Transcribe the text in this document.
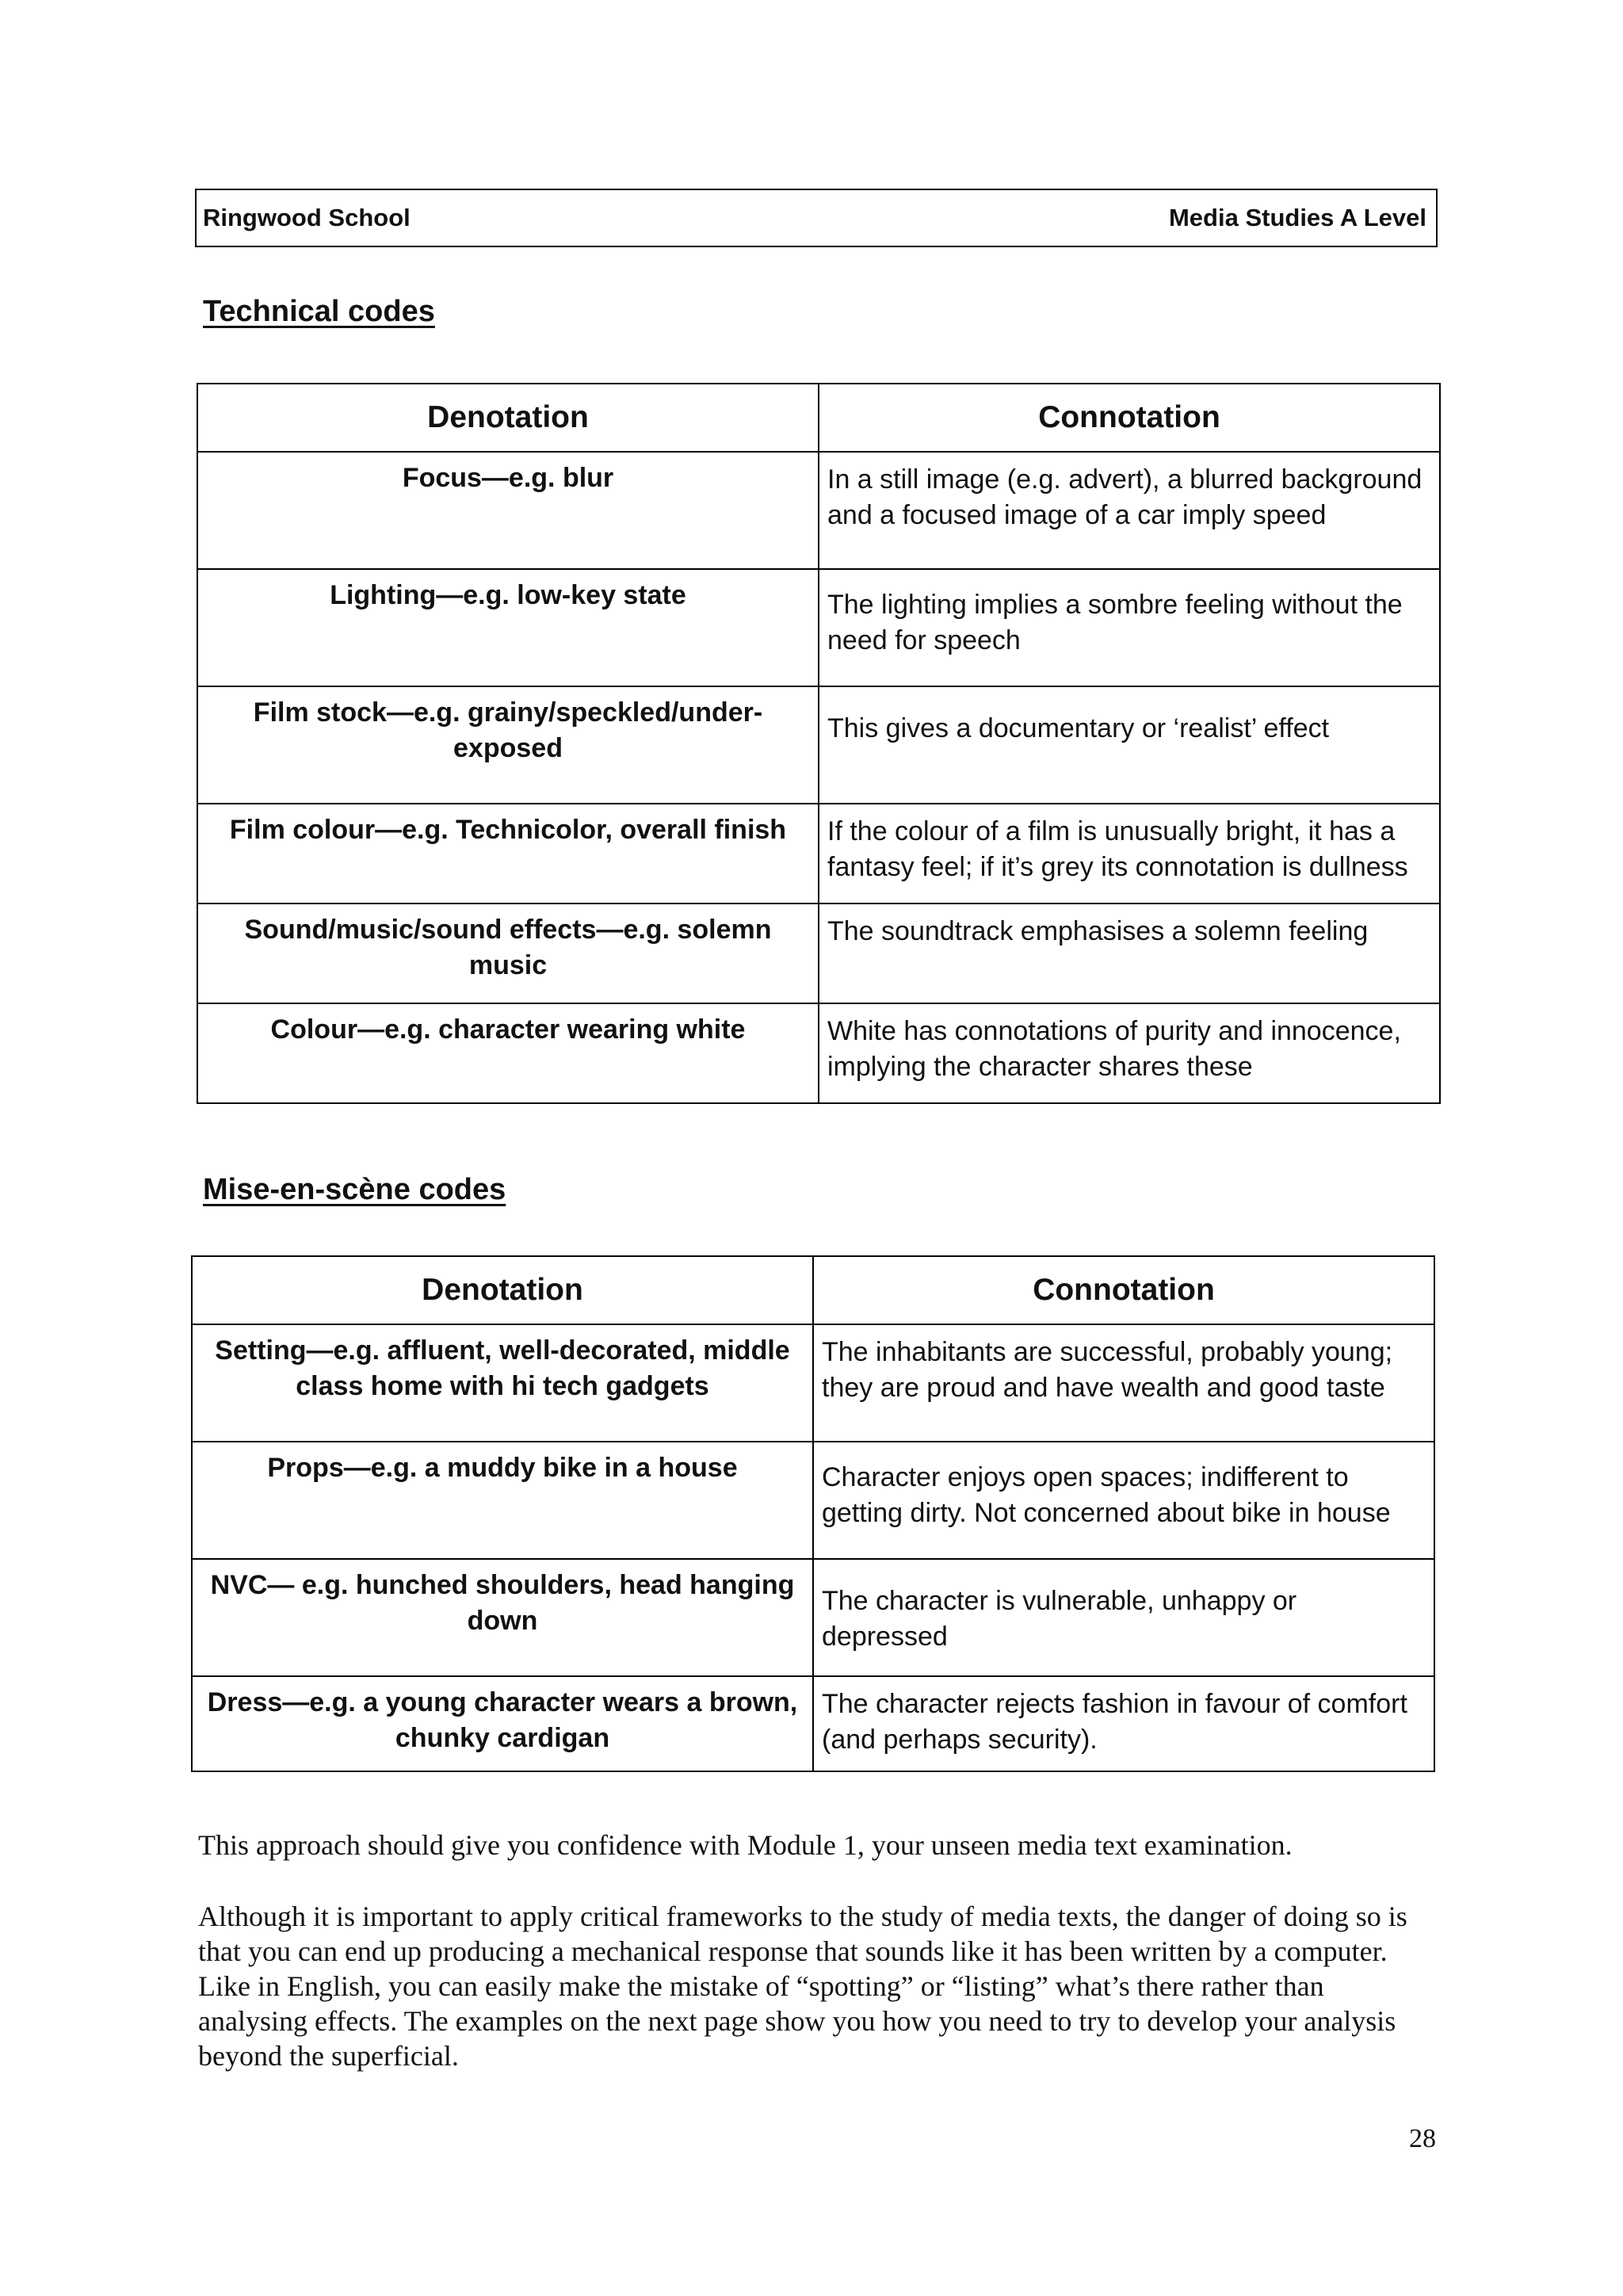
Ringwood School	Media Studies A Level
Technical codes
Denotation	Connotation
Focus—e.g. blur	In a still image (e.g. advert), a blurred background and a focused image of a car imply speed
Lighting—e.g. low-key state	The lighting implies a sombre feeling without the need for speech
Film stock—e.g. grainy/speckled/under-exposed	This gives a documentary or ‘realist’ effect
Film colour—e.g. Technicolor, overall finish	If the colour of a film is unusually bright, it has a fantasy feel; if it’s grey its connotation is dullness
Sound/music/sound effects—e.g. solemn music	The soundtrack emphasises a solemn feeling
Colour—e.g. character wearing white	White has connotations of purity and innocence, implying the character shares these
Mise-en-scène codes
Denotation	Connotation
Setting—e.g. affluent, well-decorated, middle class home with hi tech gadgets	The inhabitants are successful, probably young; they are proud and have wealth and good taste
Props—e.g. a muddy bike in a house	Character enjoys open spaces; indifferent to getting dirty. Not concerned about bike in house
NVC— e.g. hunched shoulders, head hanging down	The character is vulnerable, unhappy or depressed
Dress—e.g. a young character wears a brown, chunky cardigan	The character rejects fashion in favour of comfort (and perhaps security).

This approach should give you confidence with Module 1, your unseen media text examination.

Although it is important to apply critical frameworks to the study of media texts, the danger of doing so is that you can end up producing a mechanical response that sounds like it has been written by a computer. Like in English, you can easily make the mistake of “spotting” or “listing” what’s there rather than analysing effects. The examples on the next page show you how you need to try to develop your analysis beyond the superficial.

28
